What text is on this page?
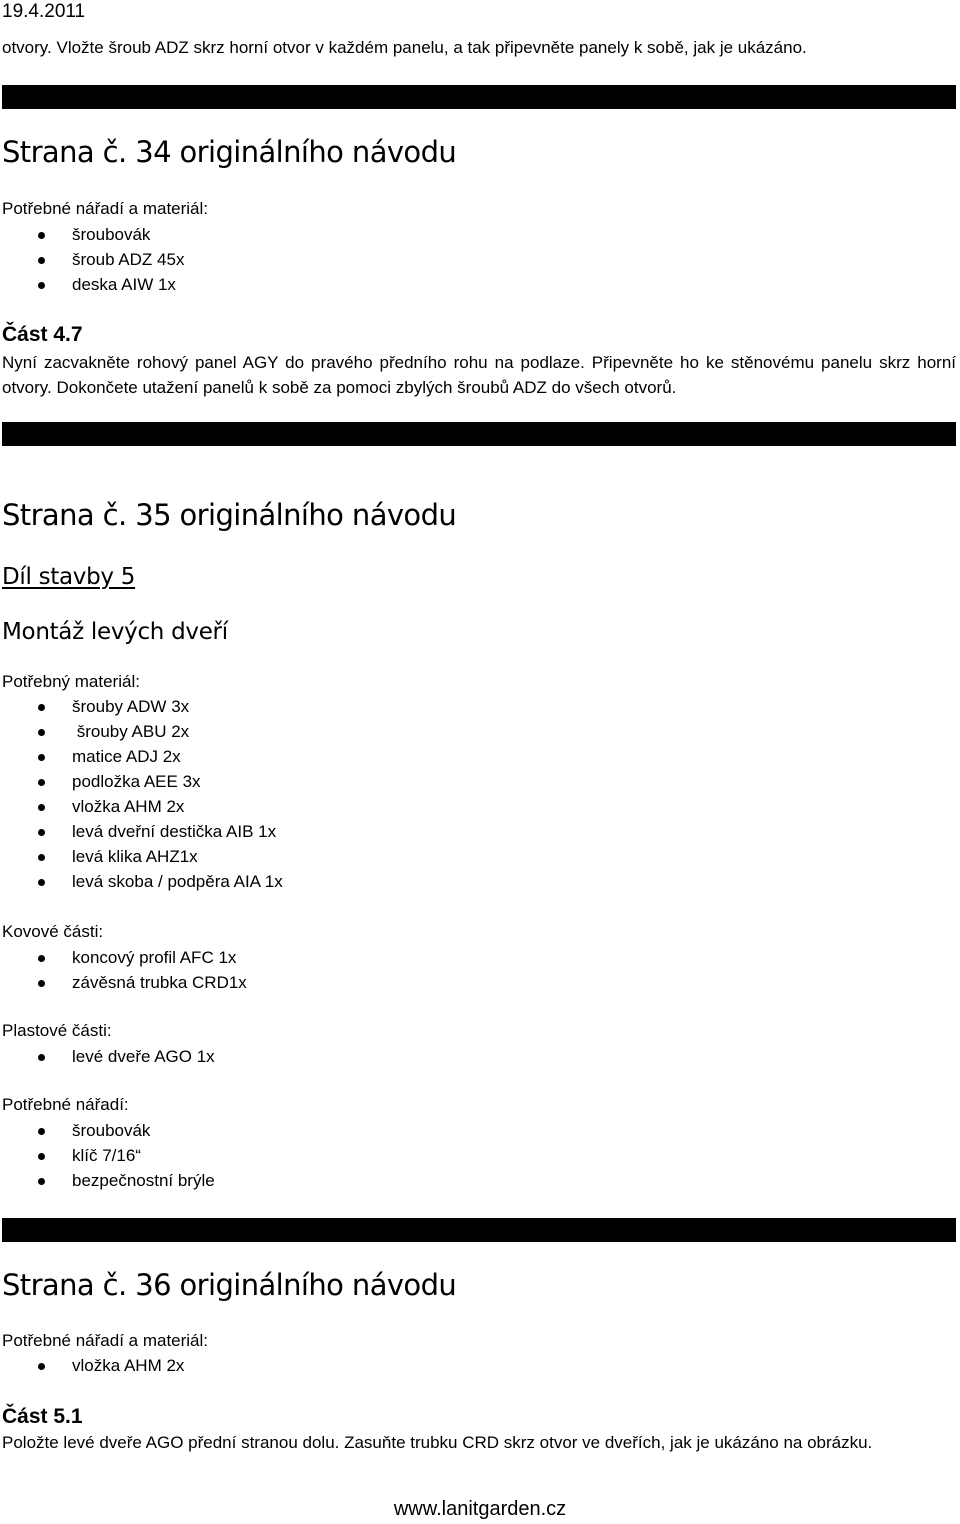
19.4.2011
otvory. Vložte šroub ADZ skrz horní otvor v každém panelu, a tak připevněte panely k sobě, jak je ukázáno.
Strana č. 34 originálního návodu
Potřebné nářadí a materiál:
šroubovák
šroub ADZ 45x
deska AIW 1x
Část 4.7
Nyní zacvakněte rohový panel AGY do pravého předního rohu na podlaze. Připevněte ho ke stěnovému panelu skrz horní otvory. Dokončete utažení panelů k sobě za pomoci zbylých šroubů ADZ do všech otvorů.
Strana č. 35 originálního návodu
Díl stavby 5
Montáž levých dveří
Potřebný materiál:
šrouby ADW 3x
šrouby ABU 2x
matice ADJ 2x
podložka AEE 3x
vložka AHM 2x
levá dveřní destička AIB 1x
levá klika AHZ1x
levá skoba / podpěra AIA 1x
Kovové části:
koncový profil AFC 1x
závěsná trubka CRD1x
Plastové části:
levé dveře AGO 1x
Potřebné nářadí:
šroubovák
klíč 7/16“
bezpečnostní brýle
Strana č. 36 originálního návodu
Potřebné nářadí a materiál:
vložka AHM 2x
Část 5.1
Položte levé dveře AGO přední stranou dolu. Zasuňte trubku CRD skrz otvor ve dveřích, jak je ukázáno na obrázku.
www.lanitgarden.cz
